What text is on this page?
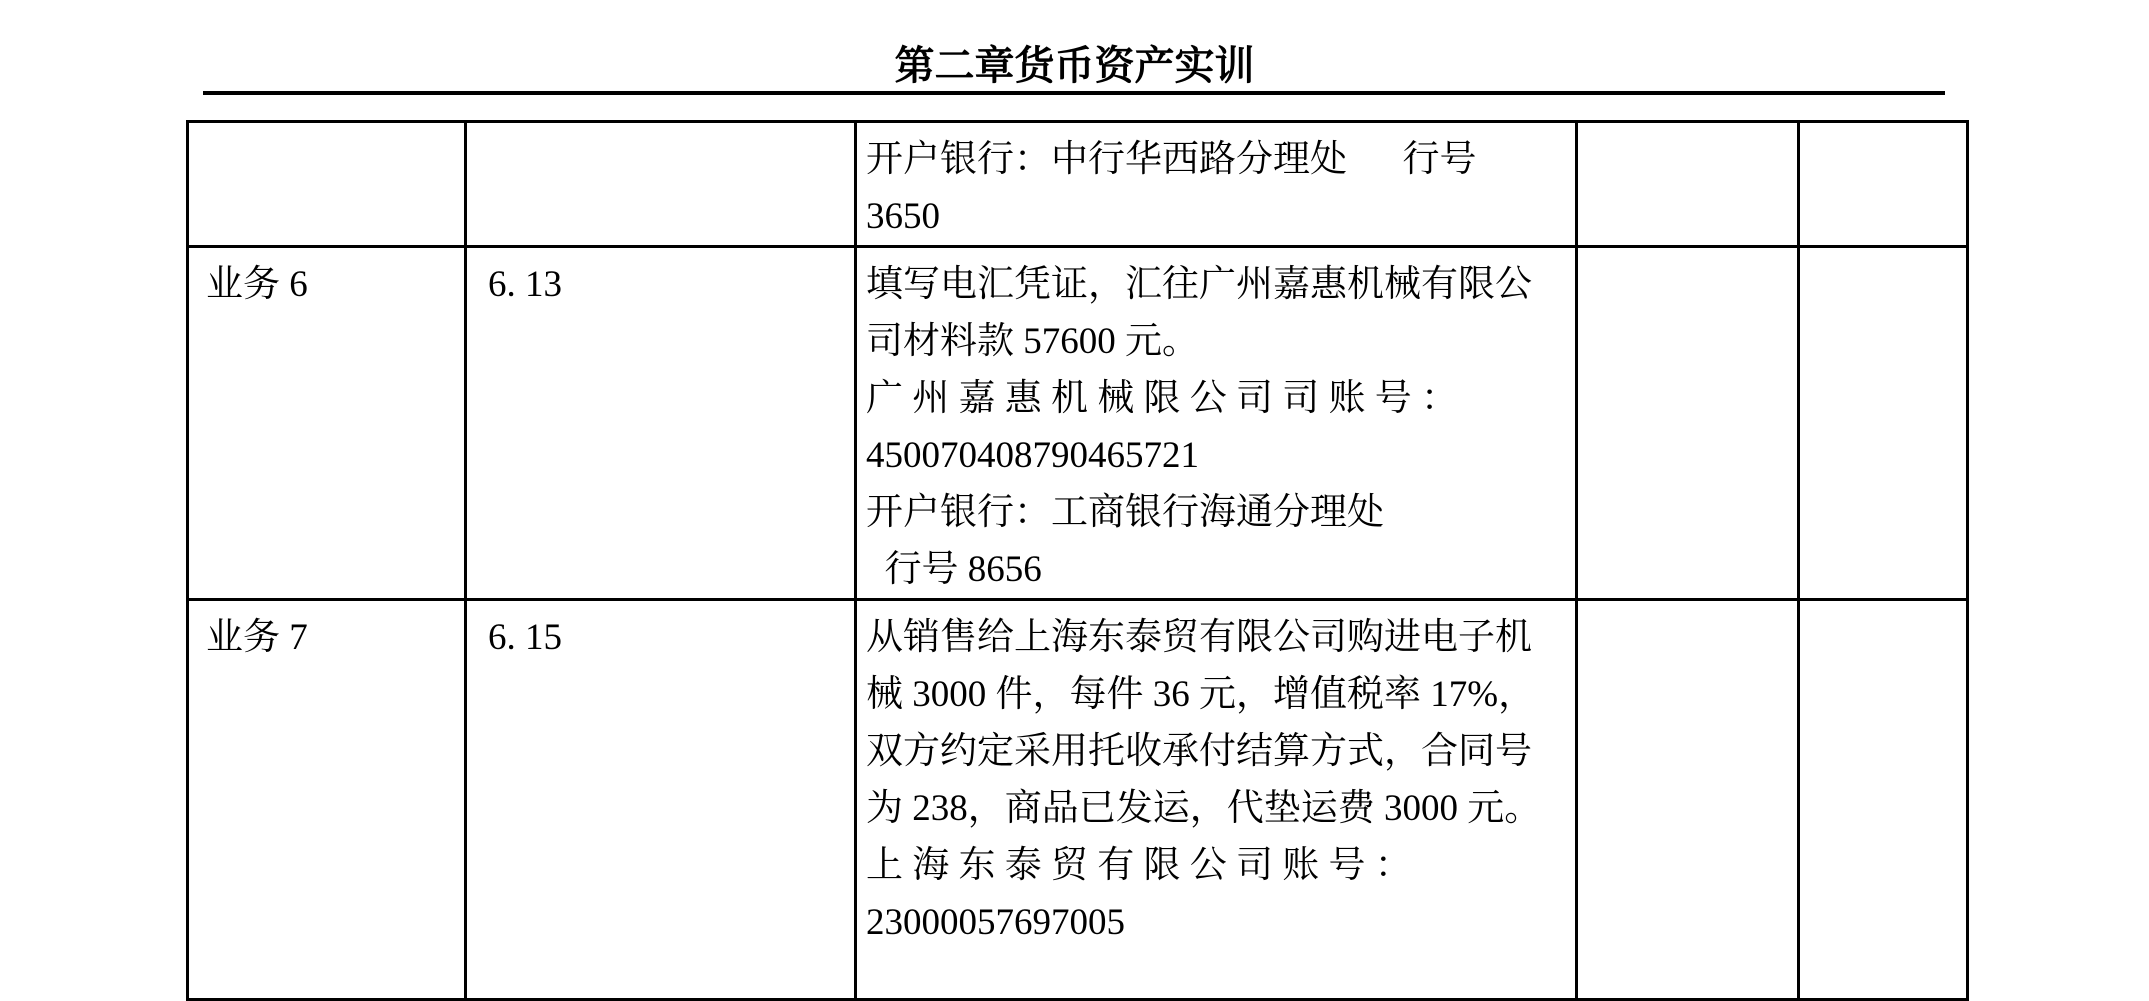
第二章货币资产实训

		开户银行：中行华西路分理处      行号
3650		

业务 6	6. 13	填写电汇凭证，汇往广州嘉惠机械有限公
司材料款 57600 元。
广 州 嘉 惠 机 械 限 公 司 司 账 号 ：
450070408790465721
开户银行：工商银行海通分理处
行号 8656

业务 7	6. 15	从销售给上海东泰贸有限公司购进电子机
械 3000 件，每件 36 元，增值税率 17%，
双方约定采用托收承付结算方式，合同号
为 238，商品已发运，代垫运费 3000 元。
上 海 东 泰 贸 有 限 公 司 账 号 ：
23000057697005
